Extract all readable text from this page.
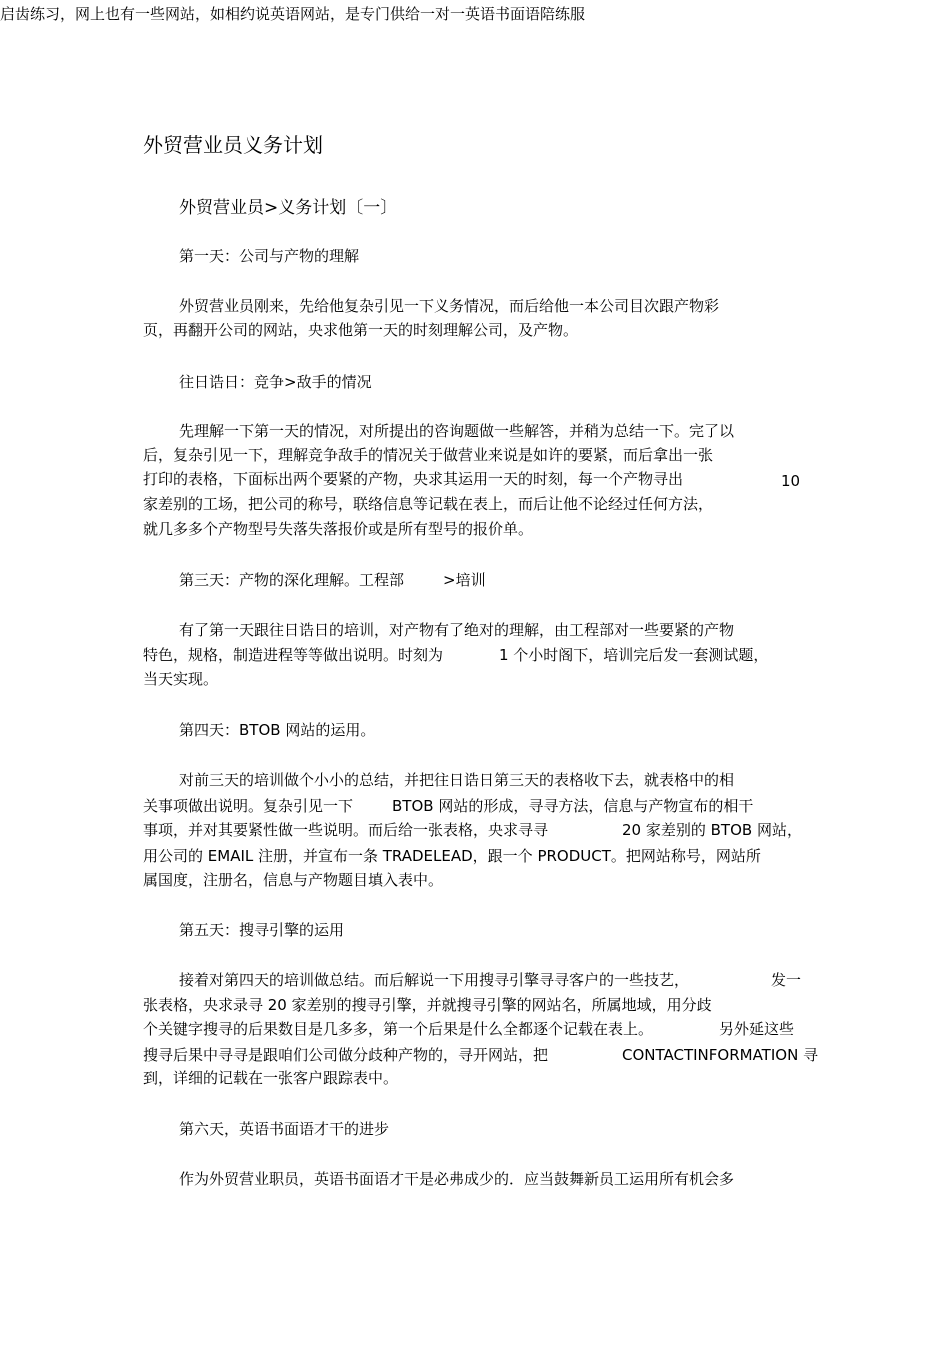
启齿练习，网上也有一些网站，如相约说英语网站，是专门供给一对一英语书面语陪练服
外贸营业员义务计划
外贸营业员>义务计划〔一〕
第一天：公司与产物的理解
外贸营业员刚来，先给他复杂引见一下义务情况，而后给他一本公司目次跟产物彩
页，再翻开公司的网站，央求他第一天的时刻理解公司，及产物。
往日诰日：竞争>敌手的情况
先理解一下第一天的情况，对所提出的咨询题做一些解答，并稍为总结一下。完了以
后，复杂引见一下，理解竞争敌手的情况关于做营业来说是如许的要紧，而后拿出一张
打印的表格，下面标出两个要紧的产物，央求其运用一天的时刻，每一个产物寻出	10
家差别的工场，把公司的称号，联络信息等记载在表上，而后让他不论经过任何方法，
就几多多个产物型号失落失落报价或是所有型号的报价单。
第三天：产物的深化理解。工程部	>培训
有了第一天跟往日诰日的培训，对产物有了绝对的理解，由工程部对一些要紧的产物
特色，规格，制造进程等等做出说明。时刻为	1 个小时阁下，培训完后发一套测试题，
当天实现。
第四天：BTOB 网站的运用。
对前三天的培训做个小小的总结，并把往日诰日第三天的表格收下去，就表格中的相
关事项做出说明。复杂引见一下	BTOB 网站的形成，寻寻方法，信息与产物宣布的相干
事项，并对其要紧性做一些说明。而后给一张表格，央求寻寻	20 家差别的 BTOB 网站，
用公司的 EMAIL 注册，并宣布一条 TRADELEAD，跟一个 PRODUCT。把网站称号，网站所
属国度，注册名，信息与产物题目填入表中。
第五天：搜寻引擎的运用
接着对第四天的培训做总结。而后解说一下用搜寻引擎寻寻客户的一些技艺，	发一
张表格，央求录寻 20 家差别的搜寻引擎，并就搜寻引擎的网站名，所属地域，用分歧
个关键字搜寻的后果数目是几多多，第一个后果是什么全都逐个记载在表上。	另外延这些
搜寻后果中寻寻是跟咱们公司做分歧种产物的，寻开网站，把	CONTACTINFORMATION 寻
到，详细的记载在一张客户跟踪表中。
第六天，英语书面语才干的进步
作为外贸营业职员，英语书面语才干是必弗成少的．应当鼓舞新员工运用所有机会多
